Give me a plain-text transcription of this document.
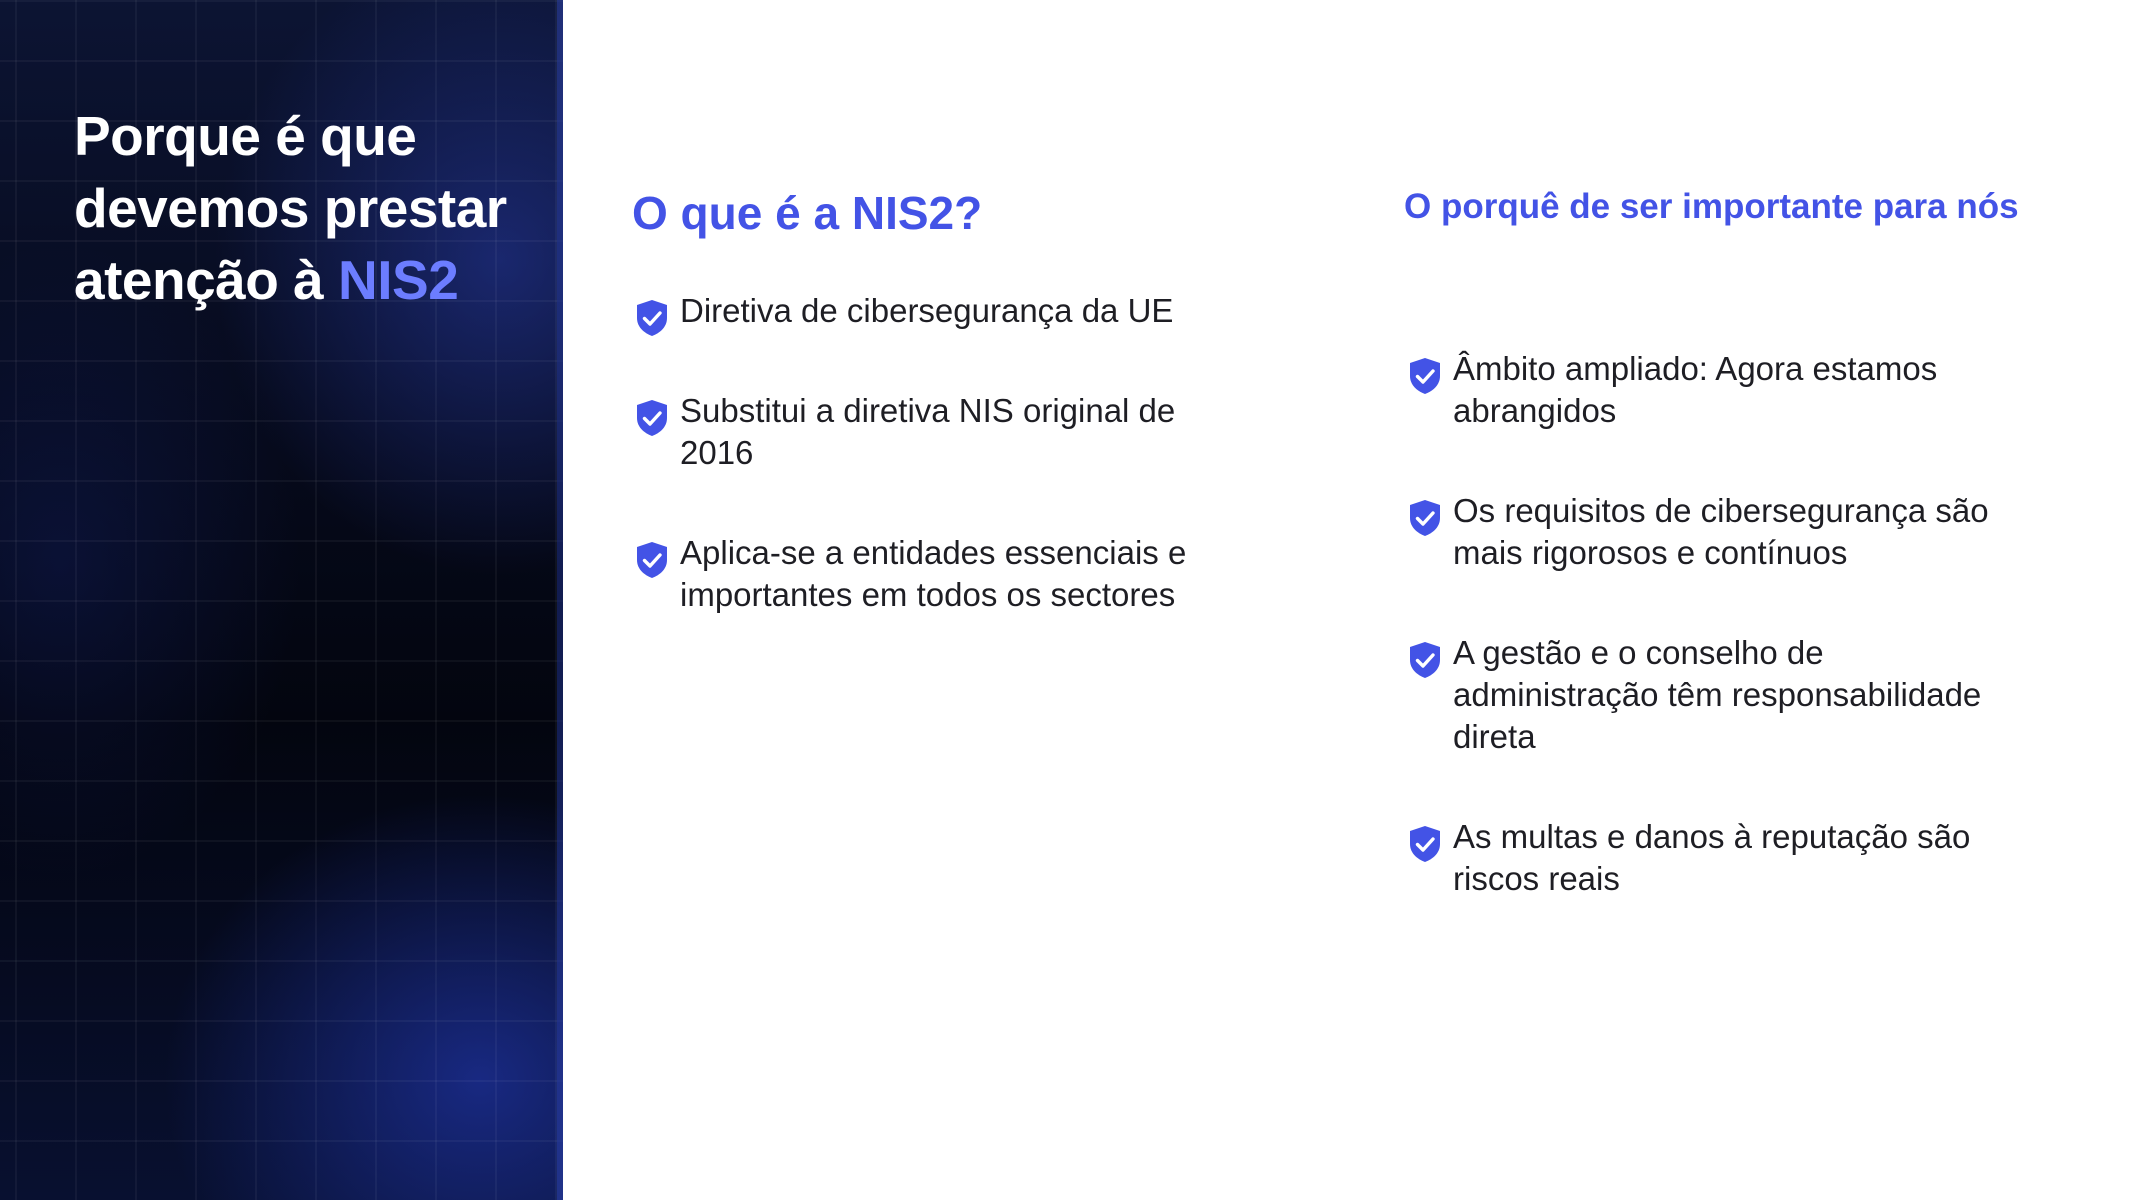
Porque é que devemos prestar atenção à NIS2
O que é a NIS2?
Diretiva de cibersegurança da UE
Substitui a diretiva NIS original de 2016
Aplica-se a entidades essenciais e importantes em todos os sectores
O porquê de ser importante para nós
Âmbito ampliado: Agora estamos abrangidos
Os requisitos de cibersegurança são mais rigorosos e contínuos
A gestão e o conselho de administração têm responsabilidade direta
As multas e danos à reputação são riscos reais
